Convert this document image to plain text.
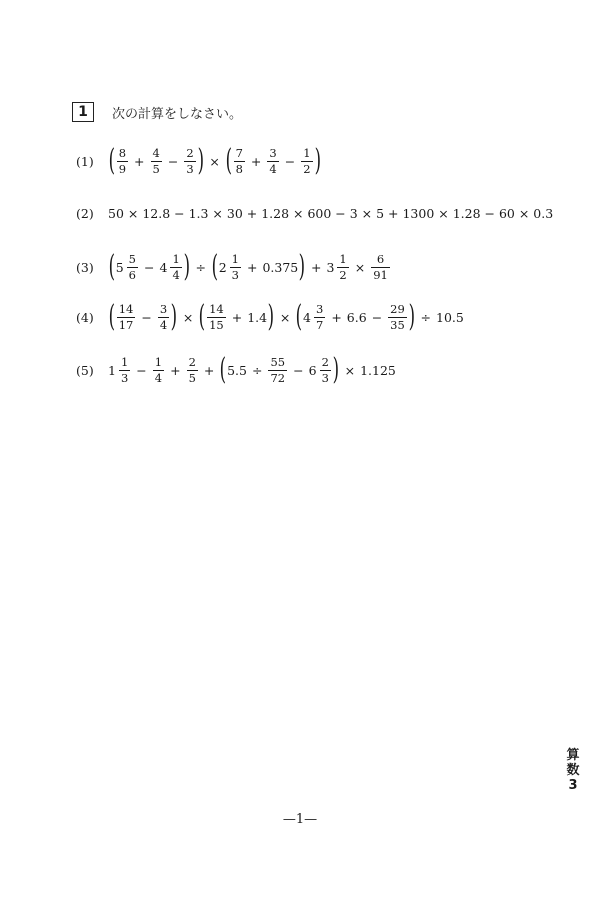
1	次の計算をしなさい。
(1) ( $\frac{8}{9} + \frac{4}{5} - \frac{2}{3}$ ) × ( $\frac{7}{8} + \frac{3}{4} - \frac{1}{2}$ )
(2)	50 × 12.8 − 1.3 × 30 + 1.28 × 600 − 3 × 5 + 1300 × 1.28 − 60 × 0.3
(3) ( $5 \frac{5}{6} - 4 \frac{1}{4}$ ) ÷ ( $2 \frac{1}{3} + 0.375$ ) + $3 \frac{1}{2} \times \frac{6}{91}$
(4) ( $\frac{14}{17} - \frac{3}{4}$ ) × ( $\frac{14}{15} + 1.4$ ) × ( $4 \frac{3}{7} + 6.6 - \frac{29}{35}$ ) ÷ 10.5
(5)	$1 \frac{1}{3} - \frac{1}{4} + \frac{2}{5}$ + ( $5.5 \div \frac{55}{72} - 6 \frac{2}{3}$ ) × 1.125
算
数
3
—1—
